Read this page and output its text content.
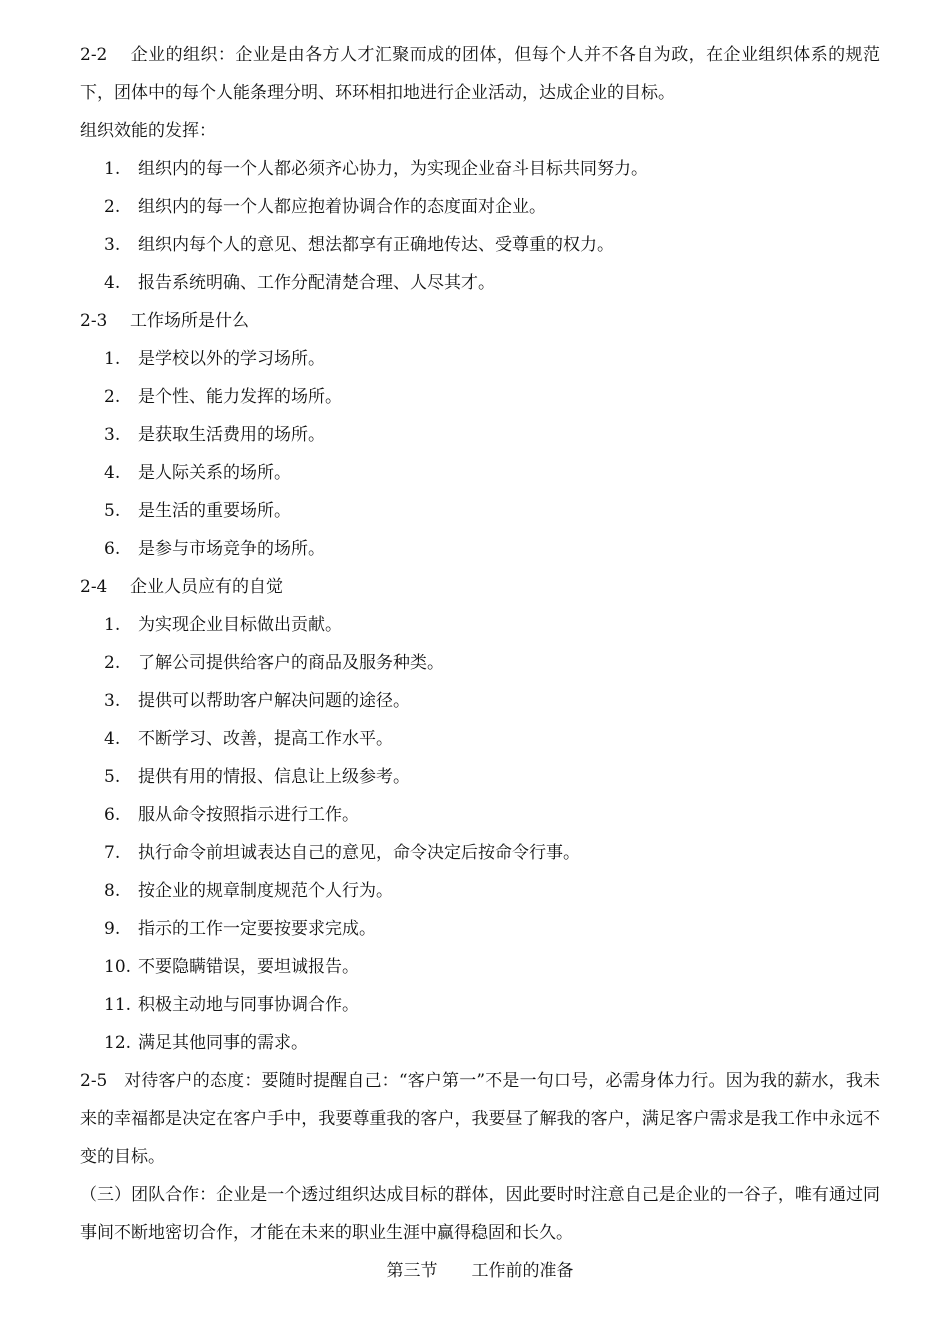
2-2 企业的组织：企业是由各方人才汇聚而成的团体，但每个人并不各自为政，在企业组织体系的规范下，团体中的每个人能条理分明、环环相扣地进行企业活动，达成企业的目标。

组织效能的发挥：

1.	组织内的每一个人都必须齐心协力，为实现企业奋斗目标共同努力。
2.	组织内的每一个人都应抱着协调合作的态度面对企业。
3.	组织内每个人的意见、想法都享有正确地传达、受尊重的权力。
4.	报告系统明确、工作分配清楚合理、人尽其才。

2-3 工作场所是什么

1.	是学校以外的学习场所。
2.	是个性、能力发挥的场所。
3.	是获取生活费用的场所。
4.	是人际关系的场所。
5.	是生活的重要场所。
6.	是参与市场竞争的场所。

2-4 企业人员应有的自觉

1.	为实现企业目标做出贡献。
2.	了解公司提供给客户的商品及服务种类。
3.	提供可以帮助客户解决问题的途径。
4.	不断学习、改善，提高工作水平。
5.	提供有用的情报、信息让上级参考。
6.	服从命令按照指示进行工作。
7.	执行命令前坦诚表达自己的意见，命令决定后按命令行事。
8.	按企业的规章制度规范个人行为。
9.	指示的工作一定要按要求完成。
10. 不要隐瞒错误，要坦诚报告。
11. 积极主动地与同事协调合作。
12. 满足其他同事的需求。

2-5 对待客户的态度：要随时提醒自己：“客户第一”不是一句口号，必需身体力行。因为我的薪水，我未来的幸福都是决定在客户手中，我要尊重我的客户，我要昼了解我的客户，满足客户需求是我工作中永远不变的目标。

（三）团队合作：企业是一个透过组织达成目标的群体，因此要时时注意自己是企业的一谷子，唯有通过同事间不断地密切合作，才能在未来的职业生涯中赢得稳固和长久。

第三节 工作前的准备
